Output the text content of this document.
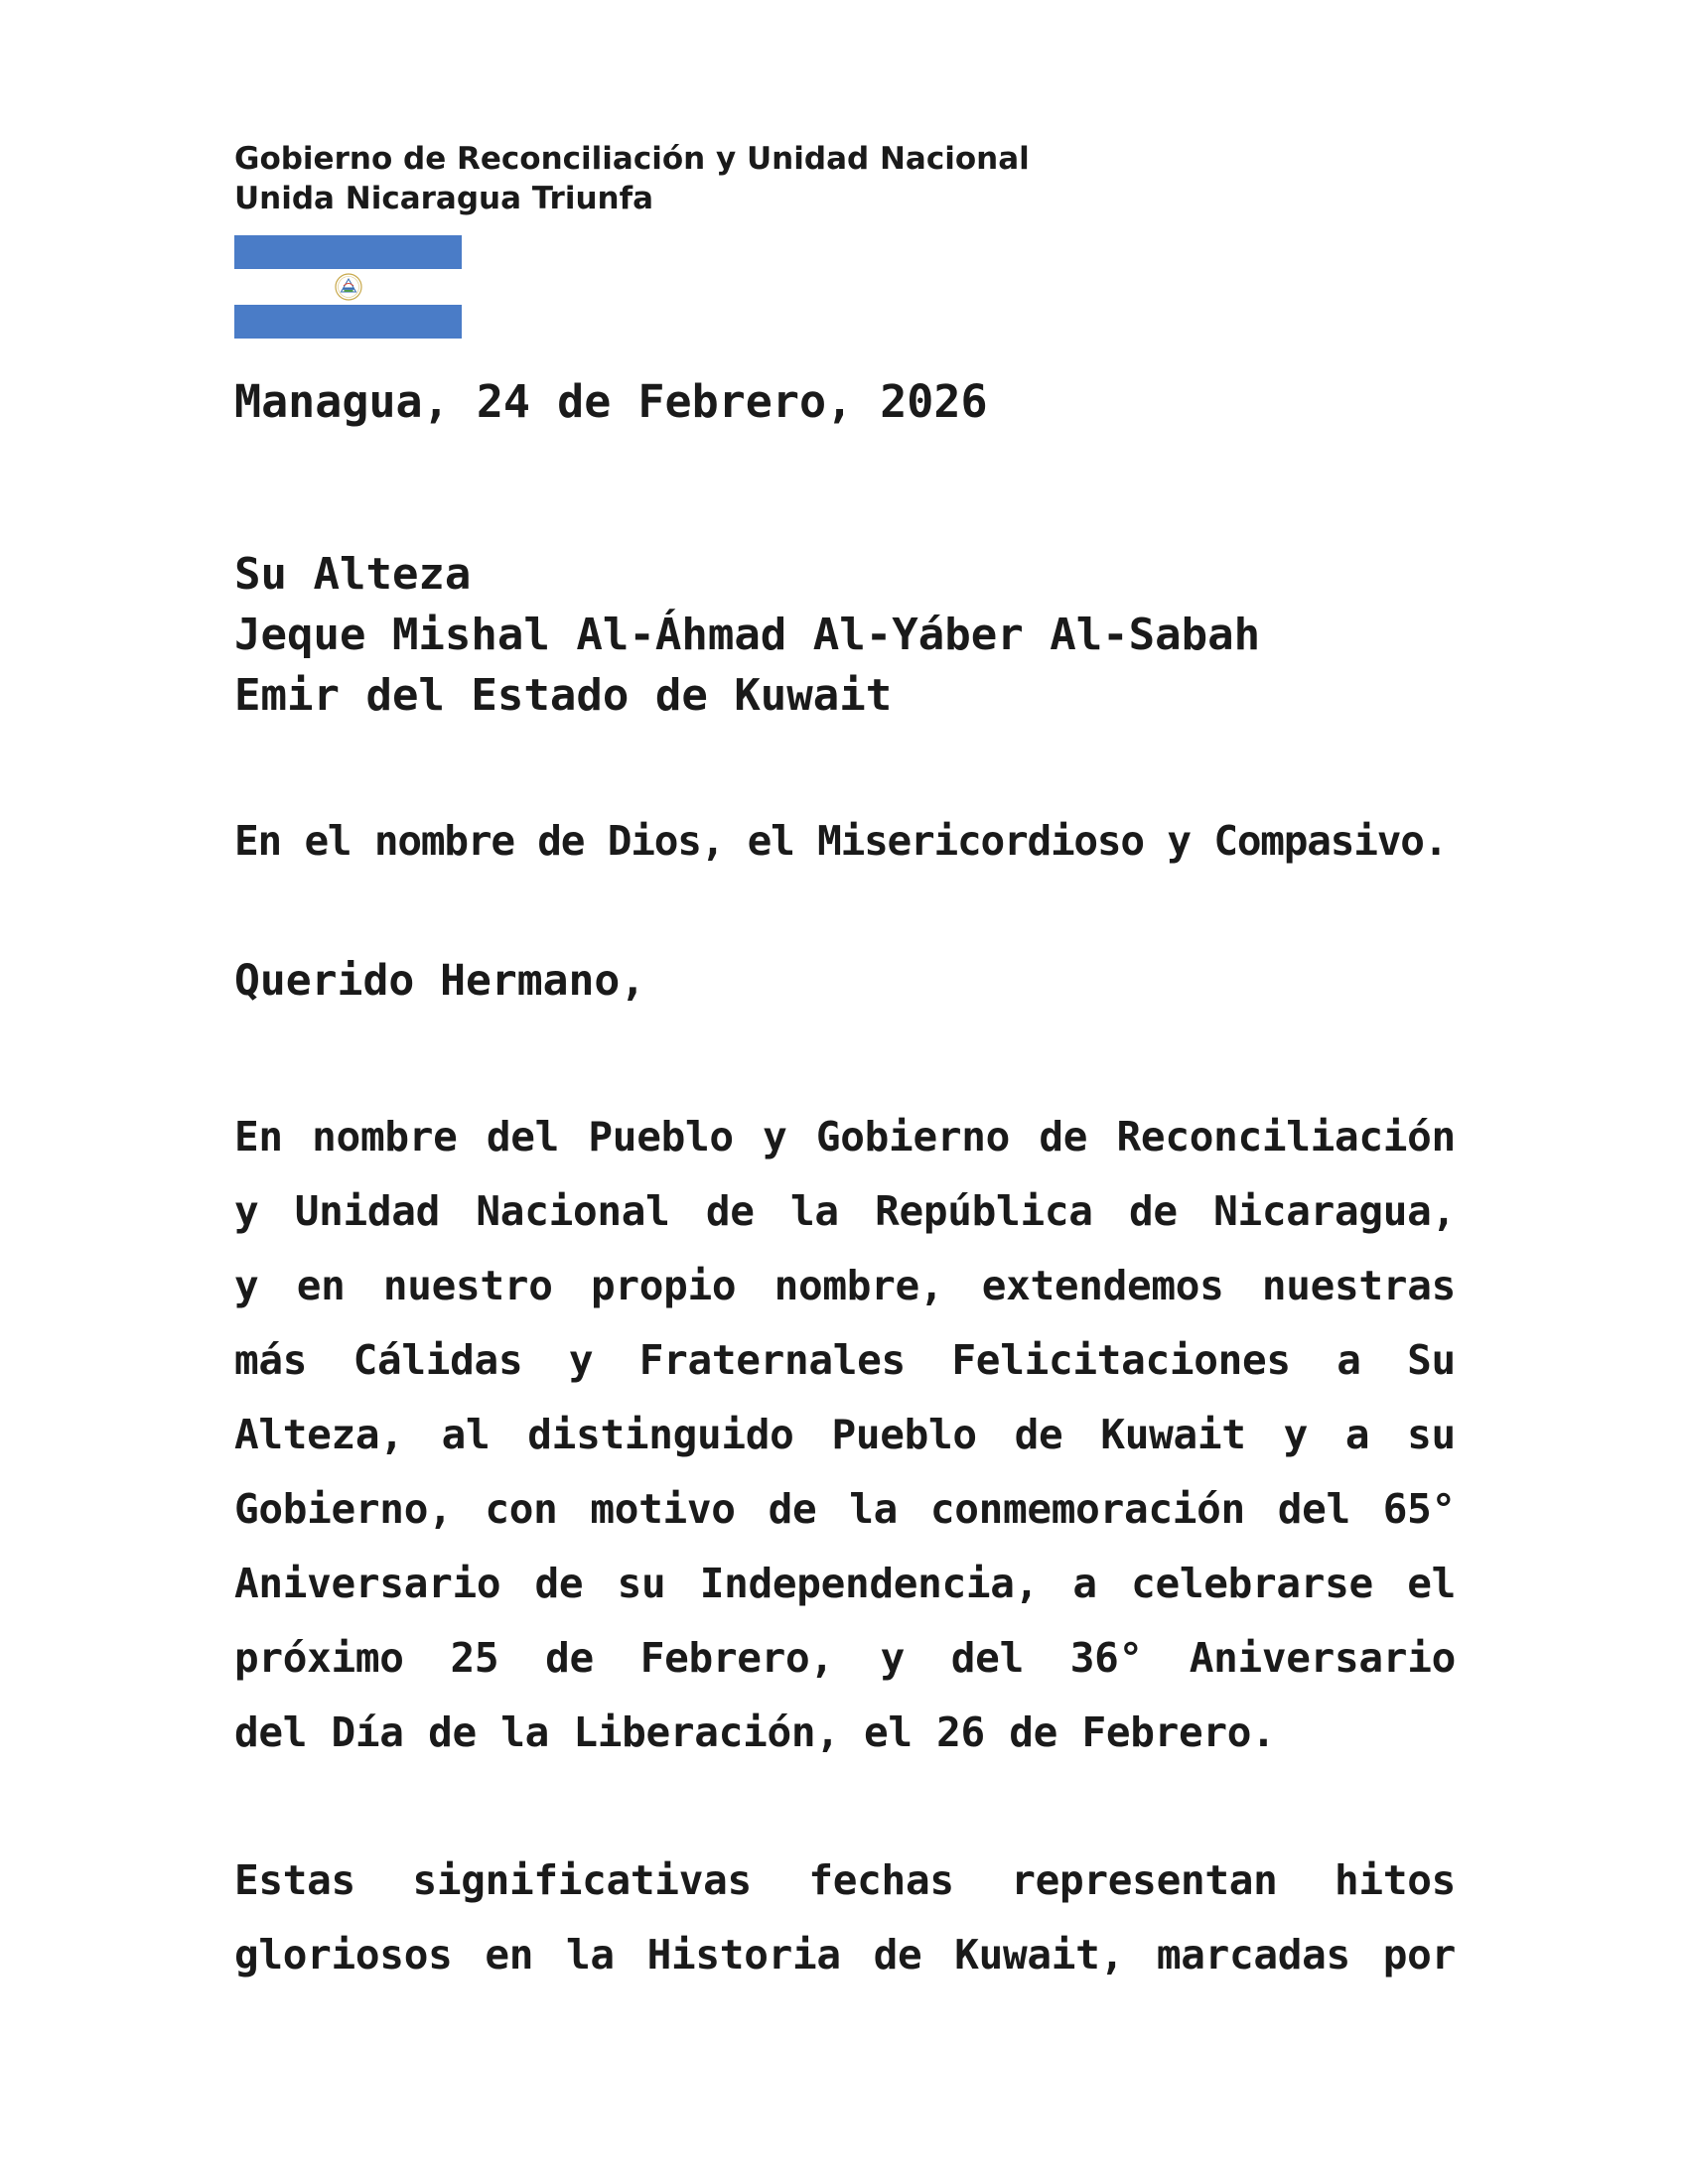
Gobierno de Reconciliación y Unidad Nacional
Unida Nicaragua Triunfa
Managua, 24 de Febrero, 2026
Su Alteza
Jeque Mishal Al-Áhmad Al-Yáber Al-Sabah
Emir del Estado de Kuwait
En el nombre de Dios, el Misericordioso y Compasivo.
Querido Hermano,
En nombre del Pueblo y Gobierno de Reconciliación
y Unidad Nacional de la República de Nicaragua,
y en nuestro propio nombre, extendemos nuestras
más Cálidas y Fraternales Felicitaciones a Su
Alteza, al distinguido Pueblo de Kuwait y a su
Gobierno, con motivo de la conmemoración del 65°
Aniversario de su Independencia, a celebrarse el
próximo 25 de Febrero, y del 36° Aniversario
del Día de la Liberación, el 26 de Febrero.
Estas significativas fechas representan hitos
gloriosos en la Historia de Kuwait, marcadas por
